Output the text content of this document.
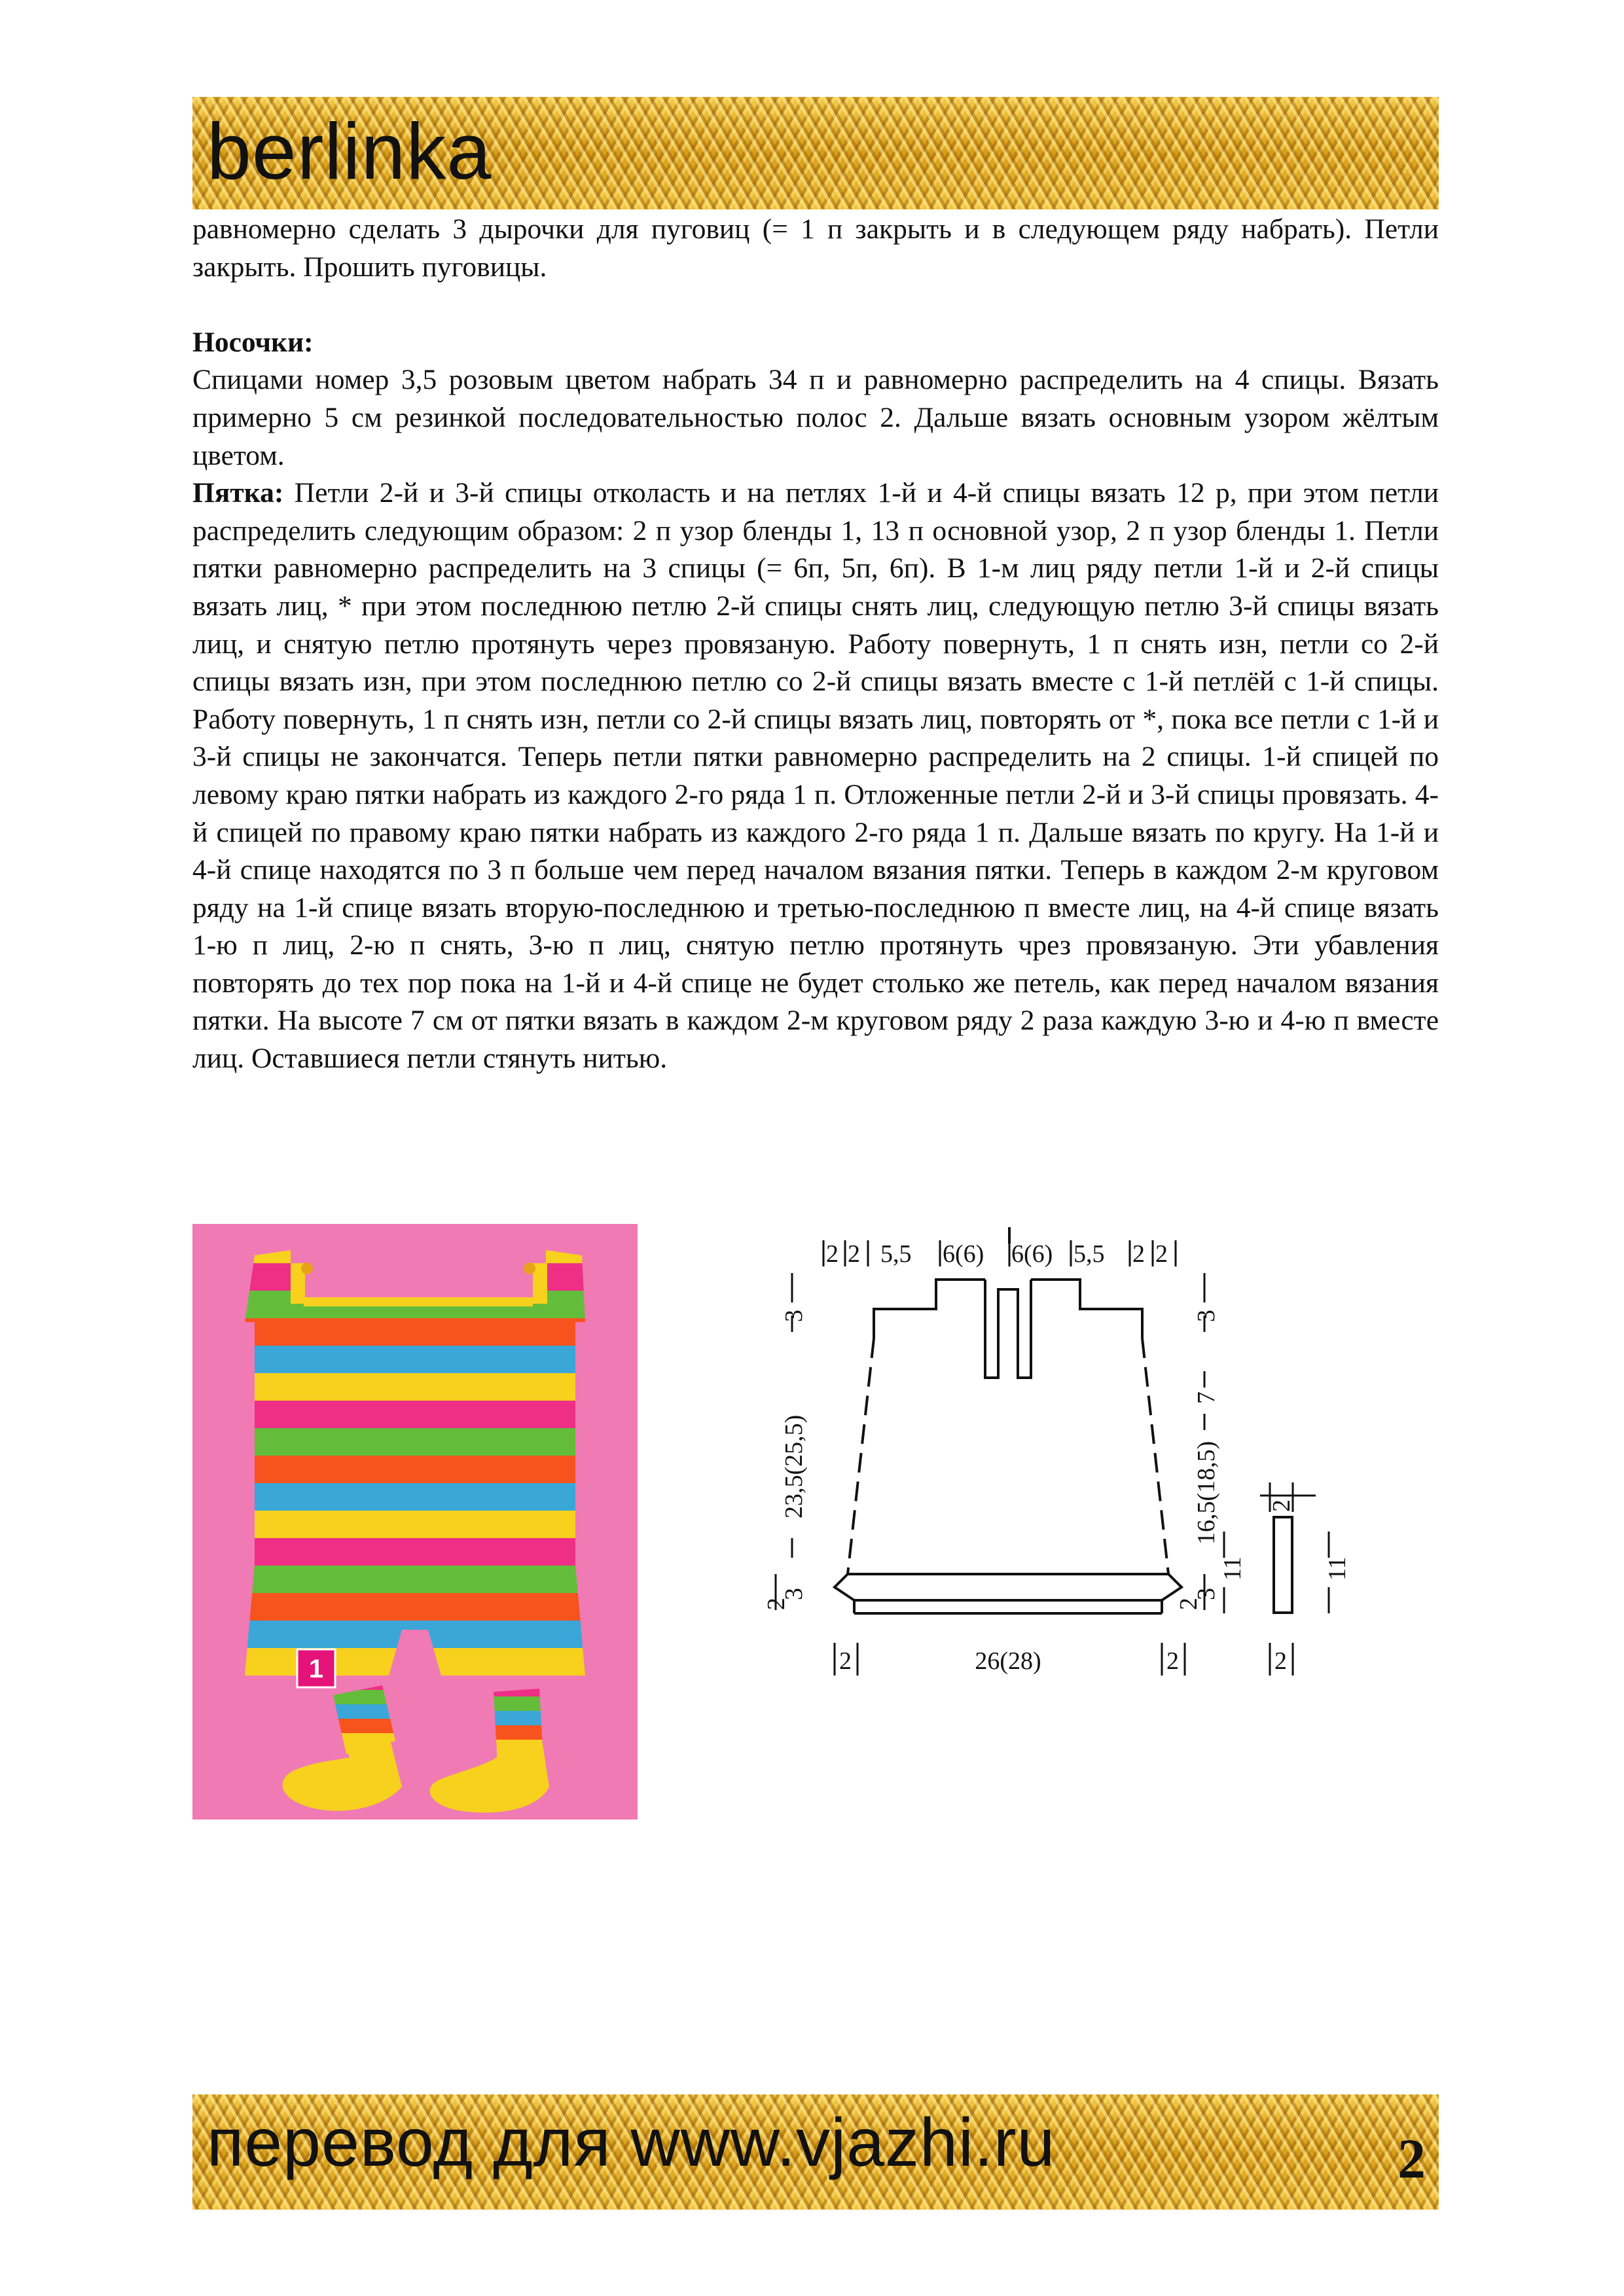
berlinka

равномерно сделать 3 дырочки для пуговиц (= 1 п закрыть и в следующем ряду набрать). Петли закрыть. Прошить пуговицы.

Носочки:

Спицами номер 3,5 розовым цветом набрать 34 п и равномерно распределить на 4 спицы. Вязать примерно 5 см резинкой последовательностью полос 2. Дальше вязать основным узором жёлтым цветом.

Пятка: Петли 2-й и 3-й спицы отколасть и на петлях 1-й и 4-й спицы вязать 12 р, при этом петли распределить следующим образом: 2 п узор бленды 1, 13 п основной узор, 2 п узор бленды 1. Петли пятки равномерно распределить на 3 спицы (= 6п, 5п, 6п). В 1-м лиц ряду петли 1-й и 2-й спицы вязать лиц, * при этом последнюю петлю 2-й спицы снять лиц, следующую петлю 3-й спицы вязать лиц, и снятую петлю протянуть через провязаную. Работу повернуть, 1 п снять изн, петли со 2-й спицы вязать изн, при этом последнюю петлю со 2-й спицы вязать вместе с 1-й петлёй с 1-й спицы. Работу повернуть, 1 п снять изн, петли со 2-й спицы вязать лиц, повторять от *, пока все петли с 1-й и 3-й спицы не закончатся. Теперь петли пятки равномерно распределить на 2 спицы. 1-й спицей по левому краю пятки набрать из каждого 2-го ряда 1 п. Отложенные петли 2-й и 3-й спицы провязать. 4-й спицей по правому краю пятки набрать из каждого 2-го ряда 1 п. Дальше вязать по кругу. На 1-й и 4-й спице находятся по 3 п больше чем перед началом вязания пятки. Теперь в каждом 2-м круговом ряду на 1-й спице вязать вторую-последнюю и третью-последнюю п вместе лиц, на 4-й спице вязать 1-ю п лиц, 2-ю п снять, 3-ю п лиц, снятую петлю протянуть чрез провязаную. Эти убавления повторять до тех пор пока на 1-й и 4-й спице не будет столько же петель, как перед началом вязания пятки. На высоте 7 см от пятки вязать в каждом 2-м круговом ряду 2 раза каждую 3-ю и 4-ю п вместе лиц. Оставшиеся петли стянуть нитью.

1
2 2 5,5 6(6) 6(6) 5,5 2 2
3
23,5(25,5)
2
3
3
7
16,5(18,5)
3
2
2	26(28)	2
2
11	11
2
перевод для www.vjazhi.ru	2
